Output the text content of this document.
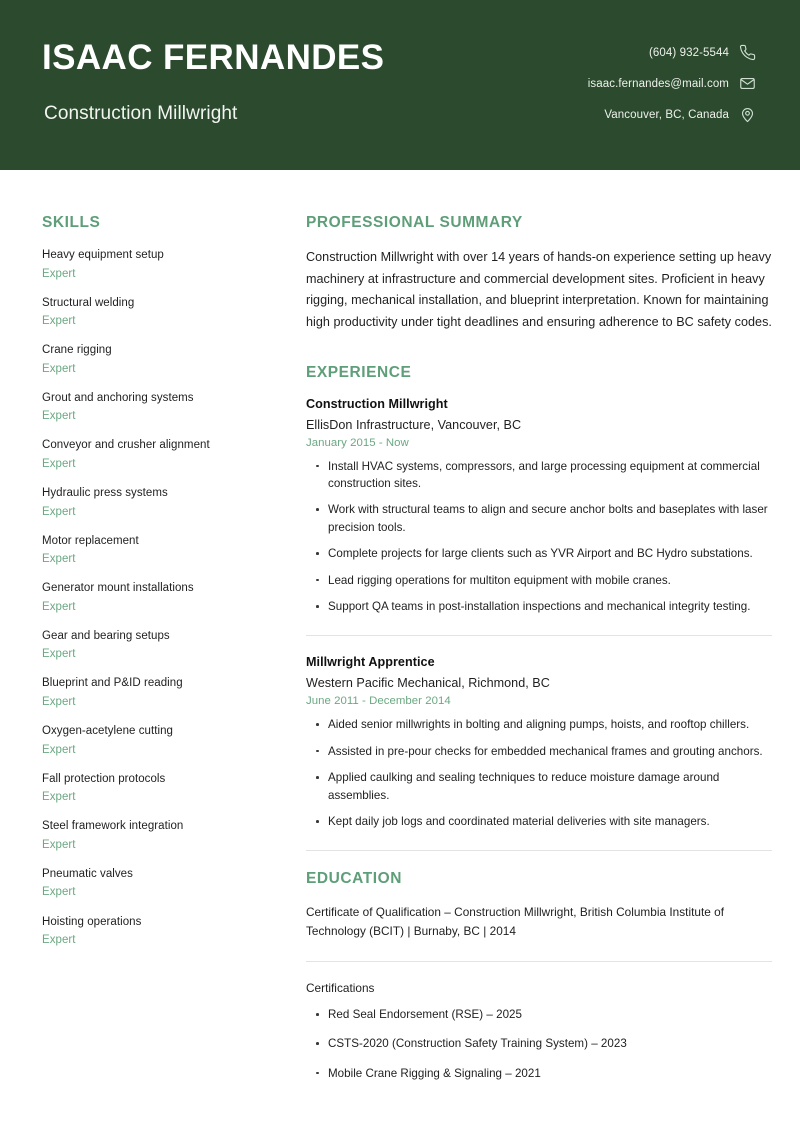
ISAAC FERNANDES
Construction Millwright
(604) 932-5544
isaac.fernandes@mail.com
Vancouver, BC, Canada
SKILLS
Heavy equipment setup
Expert
Structural welding
Expert
Crane rigging
Expert
Grout and anchoring systems
Expert
Conveyor and crusher alignment
Expert
Hydraulic press systems
Expert
Motor replacement
Expert
Generator mount installations
Expert
Gear and bearing setups
Expert
Blueprint and P&ID reading
Expert
Oxygen-acetylene cutting
Expert
Fall protection protocols
Expert
Steel framework integration
Expert
Pneumatic valves
Expert
Hoisting operations
Expert
PROFESSIONAL SUMMARY

Construction Millwright with over 14 years of hands-on experience setting up heavy machinery at infrastructure and commercial development sites. Proficient in heavy rigging, mechanical installation, and blueprint interpretation. Known for maintaining high productivity under tight deadlines and ensuring adherence to BC safety codes.

EXPERIENCE
Construction Millwright
EllisDon Infrastructure, Vancouver, BC
January 2015 - Now
Install HVAC systems, compressors, and large processing equipment at commercial construction sites.
Work with structural teams to align and secure anchor bolts and baseplates with laser precision tools.
Complete projects for large clients such as YVR Airport and BC Hydro substations.
Lead rigging operations for multiton equipment with mobile cranes.
Support QA teams in post-installation inspections and mechanical integrity testing.
Millwright Apprentice
Western Pacific Mechanical, Richmond, BC
June 2011 - December 2014
Aided senior millwrights in bolting and aligning pumps, hoists, and rooftop chillers.
Assisted in pre-pour checks for embedded mechanical frames and grouting anchors.
Applied caulking and sealing techniques to reduce moisture damage around assemblies.
Kept daily job logs and coordinated material deliveries with site managers.
EDUCATION

Certificate of Qualification – Construction Millwright, British Columbia Institute of Technology (BCIT) | Burnaby, BC | 2014

Certifications
Red Seal Endorsement (RSE) – 2025
CSTS-2020 (Construction Safety Training System) – 2023
Mobile Crane Rigging & Signaling – 2021
